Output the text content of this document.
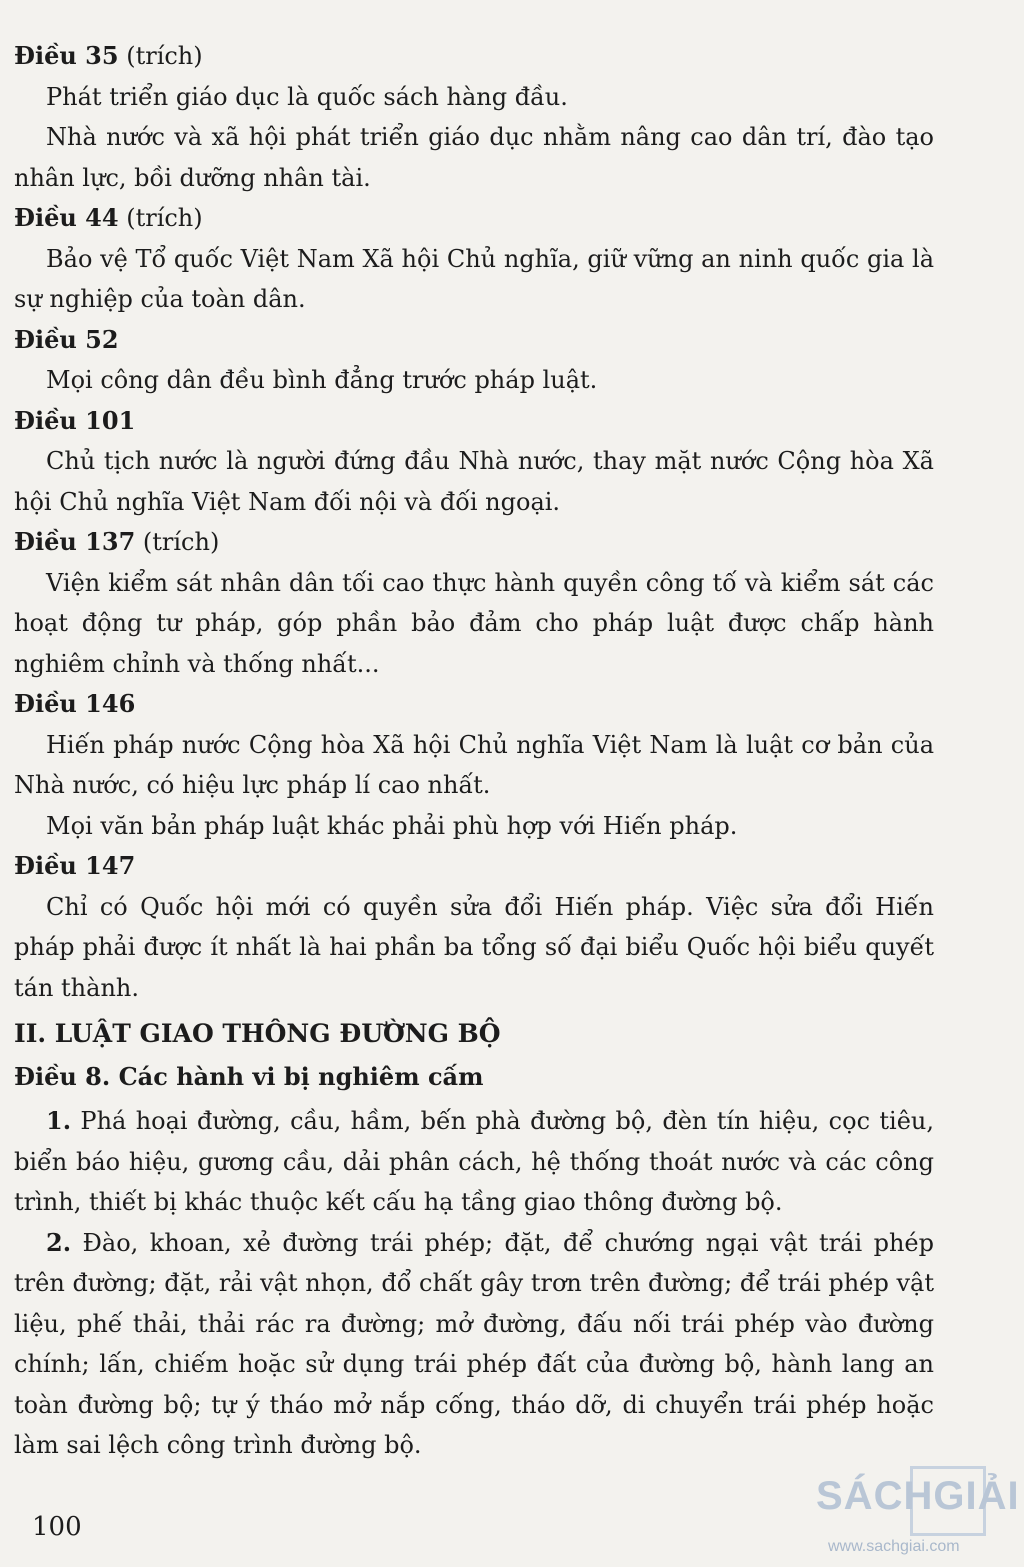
Điều 35 (trích)

Phát triển giáo dục là quốc sách hàng đầu.

Nhà nước và xã hội phát triển giáo dục nhằm nâng cao dân trí, đào tạo nhân lực, bồi dưỡng nhân tài.

Điều 44 (trích)

Bảo vệ Tổ quốc Việt Nam Xã hội Chủ nghĩa, giữ vững an ninh quốc gia là sự nghiệp của toàn dân.

Điều 52

Mọi công dân đều bình đẳng trước pháp luật.

Điều 101

Chủ tịch nước là người đứng đầu Nhà nước, thay mặt nước Cộng hòa Xã hội Chủ nghĩa Việt Nam đối nội và đối ngoại.

Điều 137 (trích)

Viện kiểm sát nhân dân tối cao thực hành quyền công tố và kiểm sát các hoạt động tư pháp, góp phần bảo đảm cho pháp luật được chấp hành nghiêm chỉnh và thống nhất...

Điều 146

Hiến pháp nước Cộng hòa Xã hội Chủ nghĩa Việt Nam là luật cơ bản của Nhà nước, có hiệu lực pháp lí cao nhất.

Mọi văn bản pháp luật khác phải phù hợp với Hiến pháp.

Điều 147

Chỉ có Quốc hội mới có quyền sửa đổi Hiến pháp. Việc sửa đổi Hiến pháp phải được ít nhất là hai phần ba tổng số đại biểu Quốc hội biểu quyết tán thành.

II. LUẬT GIAO THÔNG ĐƯỜNG BỘ

Điều 8. Các hành vi bị nghiêm cấm

1. Phá hoại đường, cầu, hầm, bến phà đường bộ, đèn tín hiệu, cọc tiêu, biển báo hiệu, gương cầu, dải phân cách, hệ thống thoát nước và các công trình, thiết bị khác thuộc kết cấu hạ tầng giao thông đường bộ.

2. Đào, khoan, xẻ đường trái phép; đặt, để chướng ngại vật trái phép trên đường; đặt, rải vật nhọn, đổ chất gây trơn trên đường; để trái phép vật liệu, phế thải, thải rác ra đường; mở đường, đấu nối trái phép vào đường chính; lấn, chiếm hoặc sử dụng trái phép đất của đường bộ, hành lang an toàn đường bộ; tự ý tháo mở nắp cống, tháo dỡ, di chuyển trái phép hoặc làm sai lệch công trình đường bộ.

100
SÁCHGIẢI
www.sachgiai.com
